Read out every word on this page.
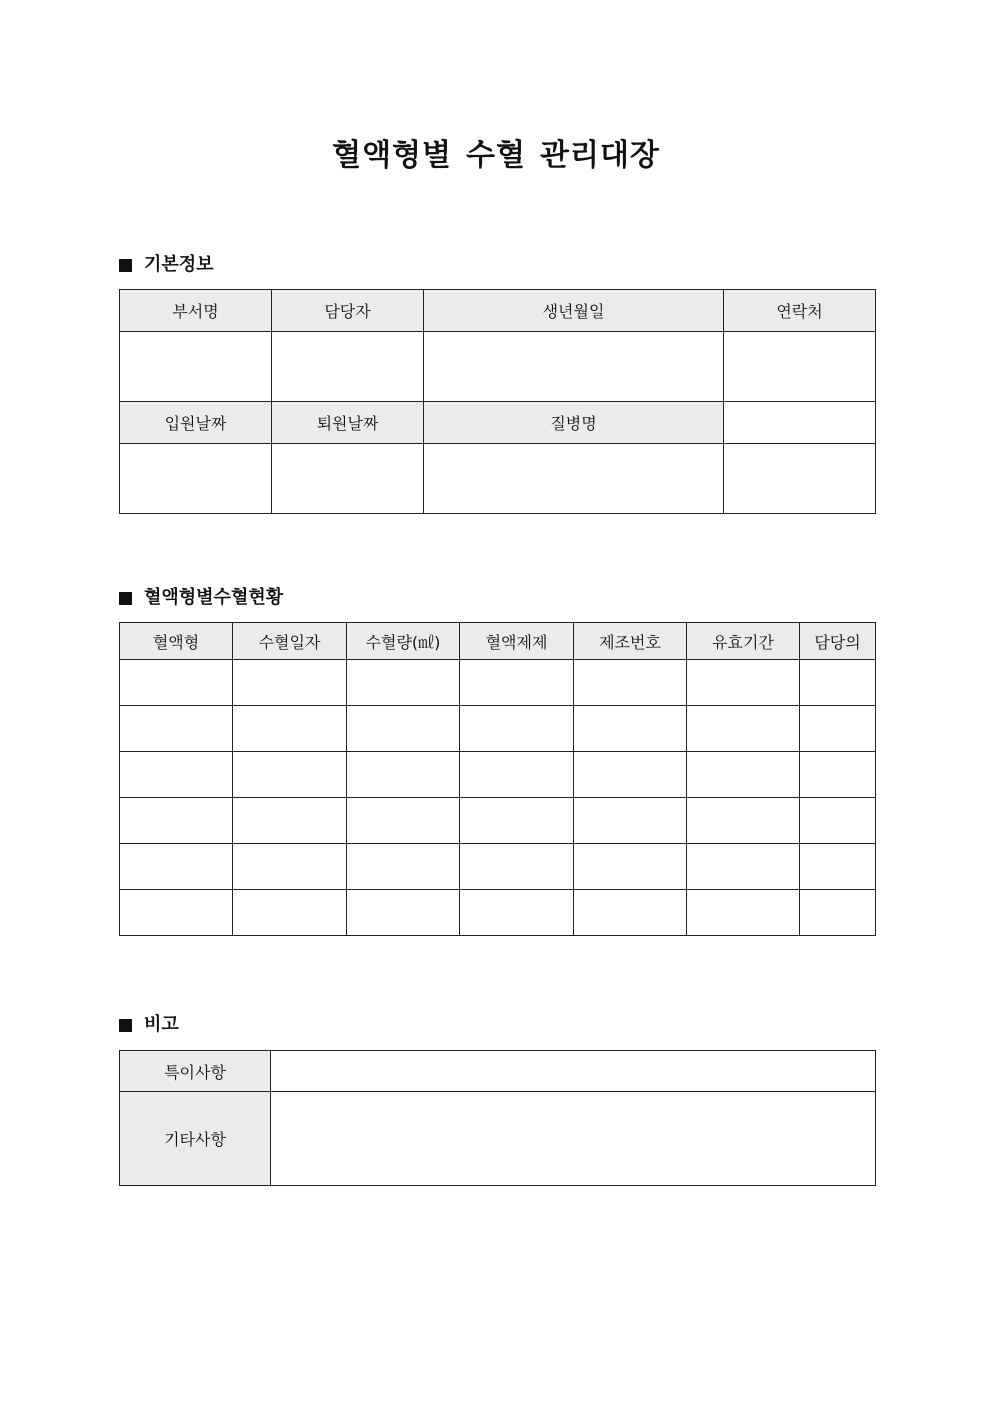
혈액형별 수혈 관리대장
기본정보
부서명	담당자	생년월일	연락처

입원날짜	퇴원날짜	질병명	

혈액형별수혈현황
혈액형	수혈일자	수혈량(㎖)	혈액제제	제조번호	유효기간	담당의

비고
특이사항	
기타사항	
